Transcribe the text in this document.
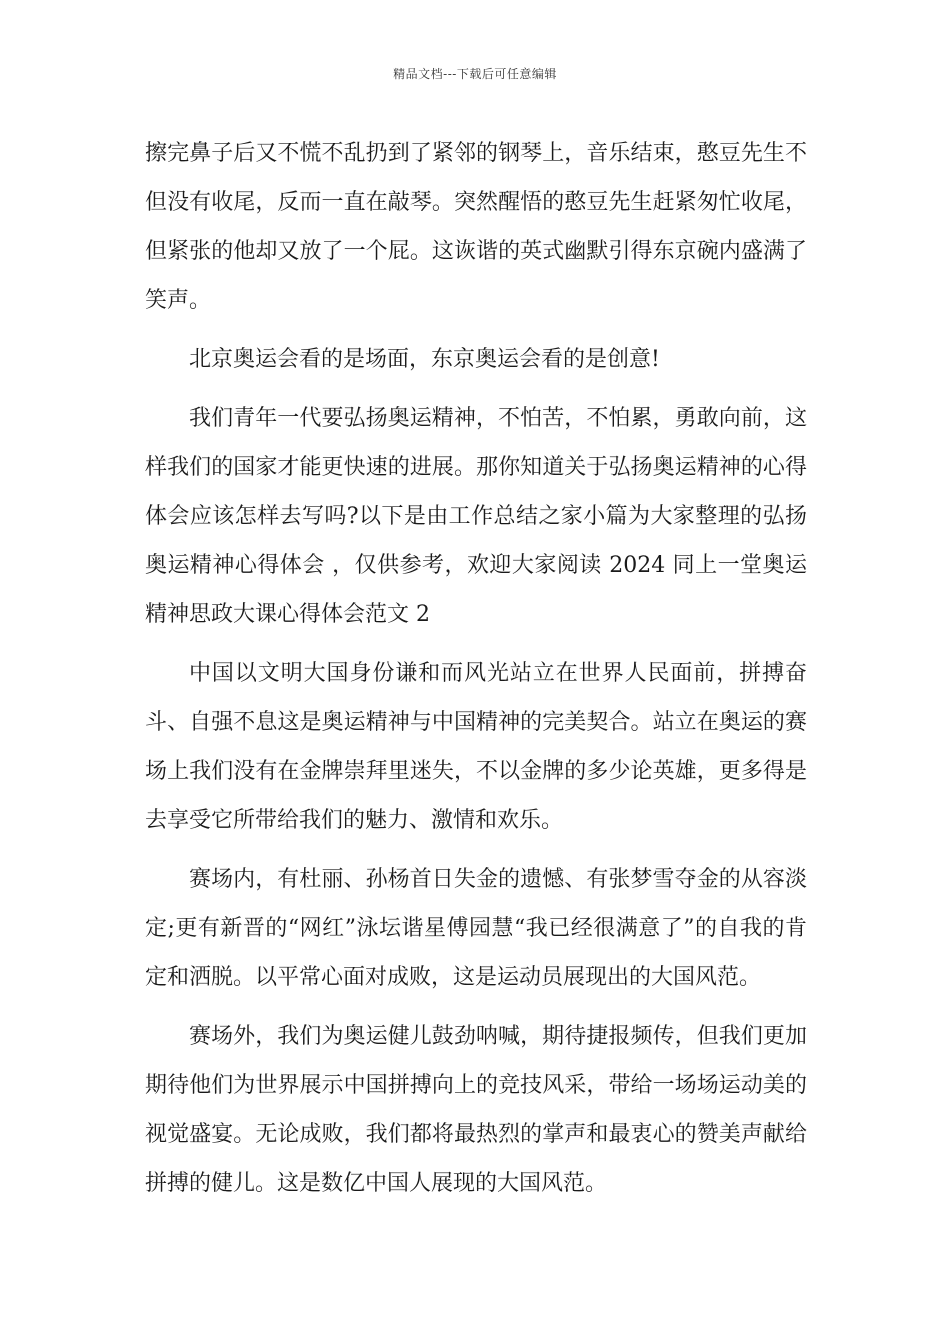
精品文档---下载后可任意编辑

擦完鼻子后又不慌不乱扔到了紧邻的钢琴上，音乐结束，憨豆先生不但没有收尾，反而一直在敲琴。突然醒悟的憨豆先生赶紧匆忙收尾，但紧张的他却又放了一个屁。这诙谐的英式幽默引得东京碗内盛满了笑声。

北京奥运会看的是场面，东京奥运会看的是创意!

我们青年一代要弘扬奥运精神，不怕苦，不怕累，勇敢向前，这样我们的国家才能更快速的进展。那你知道关于弘扬奥运精神的心得体会应该怎样去写吗?以下是由工作总结之家小篇为大家整理的弘扬奥运精神心得体会 ，仅供参考，欢迎大家阅读 2024 同上一堂奥运精神思政大课心得体会范文 2

中国以文明大国身份谦和而风光站立在世界人民面前，拼搏奋斗、自强不息这是奥运精神与中国精神的完美契合。站立在奥运的赛场上我们没有在金牌崇拜里迷失，不以金牌的多少论英雄，更多得是去享受它所带给我们的魅力、激情和欢乐。

赛场内，有杜丽、孙杨首日失金的遗憾、有张梦雪夺金的从容淡定;更有新晋的“网红”泳坛谐星傅园慧“我已经很满意了”的自我的肯定和洒脱。以平常心面对成败，这是运动员展现出的大国风范。

赛场外，我们为奥运健儿鼓劲呐喊，期待捷报频传，但我们更加期待他们为世界展示中国拼搏向上的竞技风采，带给一场场运动美的视觉盛宴。无论成败，我们都将最热烈的掌声和最衷心的赞美声献给拼搏的健儿。这是数亿中国人展现的大国风范。
